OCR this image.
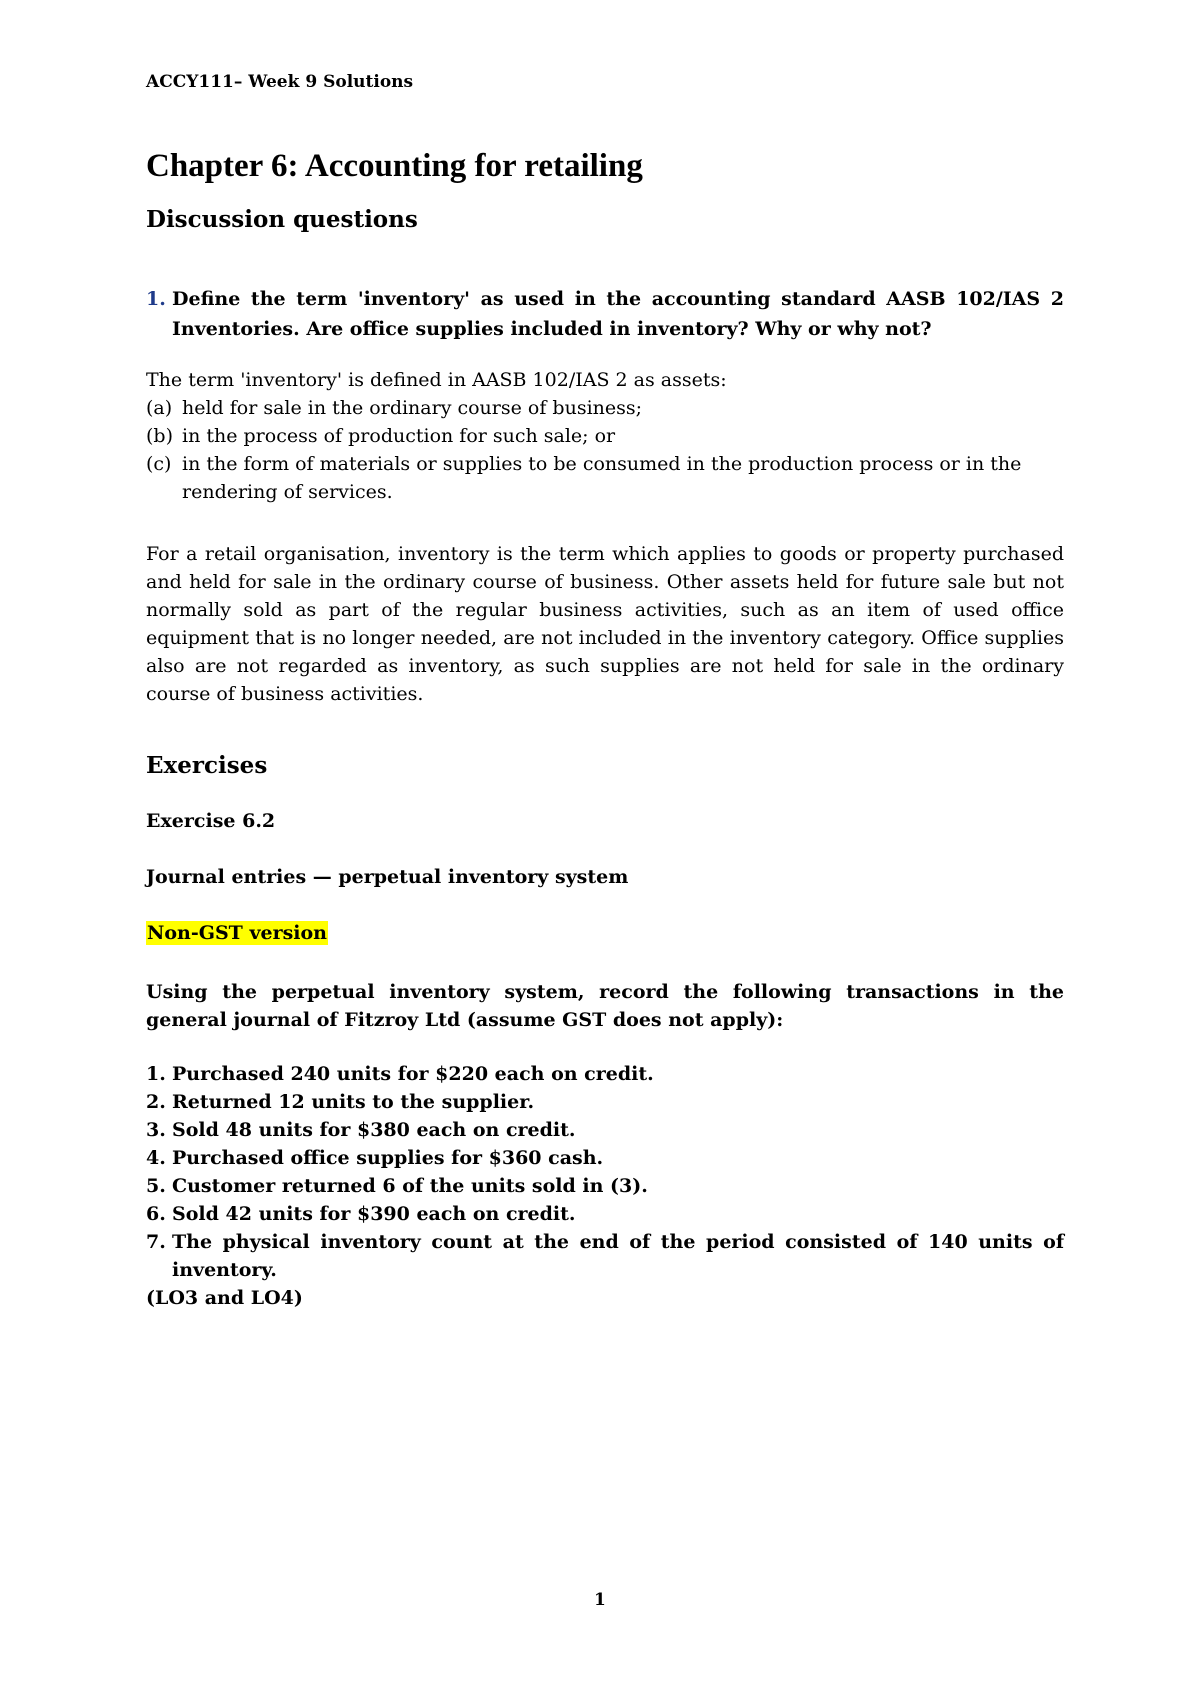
ACCY111– Week 9 Solutions
Chapter 6: Accounting for retailing
Discussion questions
1. Define the term 'inventory' as used in the accounting standard AASB 102/IAS 2 Inventories. Are office supplies included in inventory? Why or why not?
The term 'inventory' is defined in AASB 102/IAS 2 as assets:
(a) held for sale in the ordinary course of business;
(b) in the process of production for such sale; or
(c) in the form of materials or supplies to be consumed in the production process or in the rendering of services.
For a retail organisation, inventory is the term which applies to goods or property purchased and held for sale in the ordinary course of business. Other assets held for future sale but not normally sold as part of the regular business activities, such as an item of used office equipment that is no longer needed, are not included in the inventory category. Office supplies also are not regarded as inventory, as such supplies are not held for sale in the ordinary course of business activities.
Exercises
Exercise 6.2
Journal entries — perpetual inventory system
Non-GST version
Using the perpetual inventory system, record the following transactions in the general journal of Fitzroy Ltd (assume GST does not apply):
1. Purchased 240 units for $220 each on credit.
2. Returned 12 units to the supplier.
3. Sold 48 units for $380 each on credit.
4. Purchased office supplies for $360 cash.
5. Customer returned 6 of the units sold in (3).
6. Sold 42 units for $390 each on credit.
7. The physical inventory count at the end of the period consisted of 140 units of inventory.
(LO3 and LO4)
1
